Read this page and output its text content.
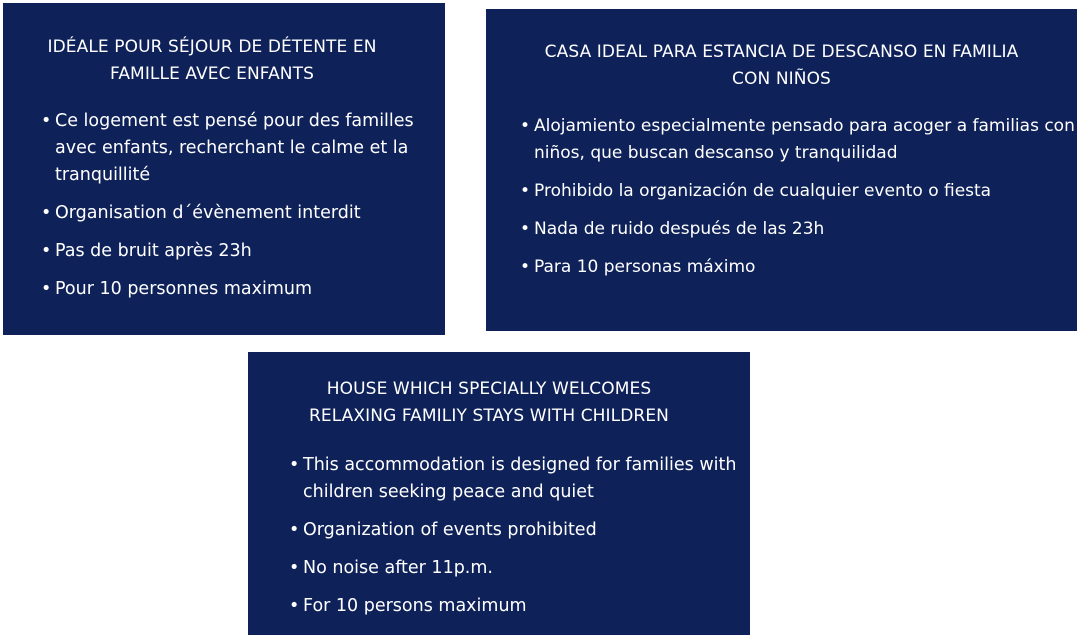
IDÉALE POUR SÉJOUR DE DÉTENTE EN
FAMILLE AVEC ENFANTS
• Ce logement est pensé pour des familles avec enfants, recherchant le calme et la tranquillité
• Organisation d´évènement interdit
• Pas de bruit après 23h
• Pour 10 personnes maximum
CASA IDEAL PARA ESTANCIA DE DESCANSO EN FAMILIA
CON NIÑOS
• Alojamiento especialmente pensado para acoger a familias con niños, que buscan descanso y tranquilidad
• Prohibido la organización de cualquier evento o fiesta
• Nada de ruido después de las 23h
• Para 10 personas máximo
HOUSE WHICH SPECIALLY WELCOMES
RELAXING FAMILIY STAYS WITH CHILDREN
• This accommodation is designed for families with children seeking peace and quiet
• Organization of events prohibited
• No noise after 11p.m.
• For 10 persons maximum
